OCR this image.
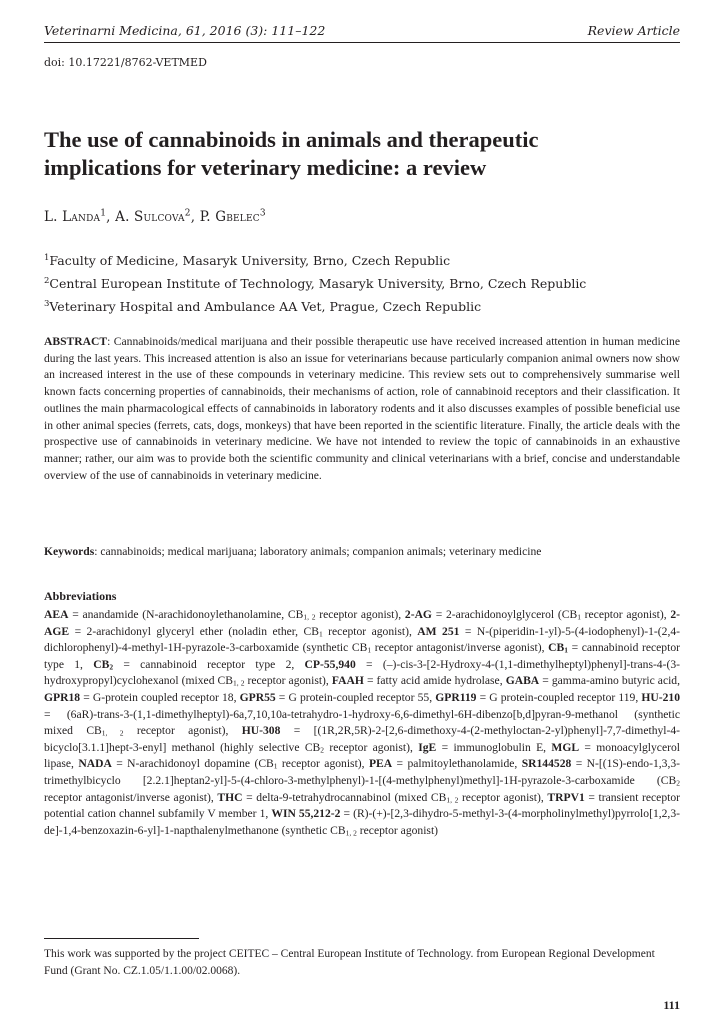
Veterinarni Medicina, 61, 2016 (3): 111–122	Review Article
doi: 10.17221/8762-VETMED
The use of cannabinoids in animals and therapeutic
implications for veterinary medicine: a review
L. Landa$^1$, A. Sulcova$^2$, P. Gbelec$^3$
$^1$Faculty of Medicine, Masaryk University, Brno, Czech Republic
$^2$Central European Institute of Technology, Masaryk University, Brno, Czech Republic
$^3$Veterinary Hospital and Ambulance AA Vet, Prague, Czech Republic

ABSTRACT: Cannabinoids/medical marijuana and their possible therapeutic use have received increased attention in human medicine during the last years. This increased attention is also an issue for veterinarians because particularly companion animal owners now show an increased interest in the use of these compounds in veterinary medicine. This review sets out to comprehensively summarise well known facts concerning properties of cannabinoids, their mechanisms of action, role of cannabinoid receptors and their classification. It outlines the main pharmacological effects of cannabinoids in laboratory rodents and it also discusses examples of possible beneficial use in other animal species (ferrets, cats, dogs, monkeys) that have been reported in the scientific literature. Finally, the article deals with the prospective use of cannabinoids in veterinary medicine. We have not intended to review the topic of cannabinoids in an exhaustive manner; rather, our aim was to provide both the scientific community and clinical veterinarians with a brief, concise and understandable overview of the use of cannabinoids in veterinary medicine.

Keywords: cannabinoids; medical marijuana; laboratory animals; companion animals; veterinary medicine

Abbreviations

AEA = anandamide (N-arachidonoylethanolamine, $CB_{1, 2}$ receptor agonist), 2-AG = 2-arachidonoylglycerol ($CB_1$ receptor agonist), 2-AGE = 2-arachidonyl glyceryl ether (noladin ether, $CB_1$ receptor agonist), AM 251 = N-(piperidin-1-yl)-5-(4-iodophenyl)-1-(2,4-dichlorophenyl)-4-methyl-1H-pyrazole-3-carboxamide (synthetic $CB_1$ receptor antagonist/inverse agonist), $CB_1$ = cannabinoid receptor type 1, $CB_2$ = cannabinoid receptor type 2, CP-55,940 = (–)-cis-3-[2-Hydroxy-4-(1,1-dimethylheptyl)phenyl]-trans-4-(3-hydroxypropyl)cyclohexanol (mixed $CB_{1, 2}$ receptor agonist), FAAH = fatty acid amide hydrolase, GABA = gamma-amino butyric acid, GPR18 = G-protein coupled receptor 18, GPR55 = G protein-coupled receptor 55, GPR119 = G protein-coupled receptor 119, HU-210 = (6aR)-trans-3-(1,1-dimethylheptyl)-6a,7,10,10a-tetrahydro-1-hydroxy-6,6-dimethyl-6H-dibenzo[b,d]pyran-9-methanol (synthetic mixed $CB_{1, 2}$ receptor agonist), HU-308 = [(1R,2R,5R)-2-[2,6-dimethoxy-4-(2-methyloctan-2-yl)phenyl]-7,7-dimethyl-4-bicyclo[3.1.1]hept-3-enyl] methanol (highly selective $CB_2$ receptor agonist), IgE = immunoglobulin E, MGL = monoacylglycerol lipase, NADA = N-arachidonoyl dopamine ($CB_1$ receptor agonist), PEA = palmitoylethanolamide, SR144528 = N-[(1S)-endo-1,3,3-trimethylbicyclo [2.2.1]heptan2-yl]-5-(4-chloro-3-methylphenyl)-1-[(4-methylphenyl)methyl]-1H-pyrazole-3-carboxamide ($CB_2$ receptor antagonist/inverse agonist), THC = delta-9-tetrahydrocannabinol (mixed $CB_{1, 2}$ receptor agonist), TRPV1 = transient receptor potential cation channel subfamily V member 1, WIN 55,212-2 = (R)-(+)-[2,3-dihydro-5-methyl-3-(4-morpholinylmethyl)pyrrolo[1,2,3-de]-1,4-benzoxazin-6-yl]-1-napthalenylmethanone (synthetic $CB_{1, 2}$ receptor agonist)

This work was supported by the project CEITEC – Central European Institute of Technology. from European Regional Development Fund (Grant No. CZ.1.05/1.1.00/02.0068).

111
